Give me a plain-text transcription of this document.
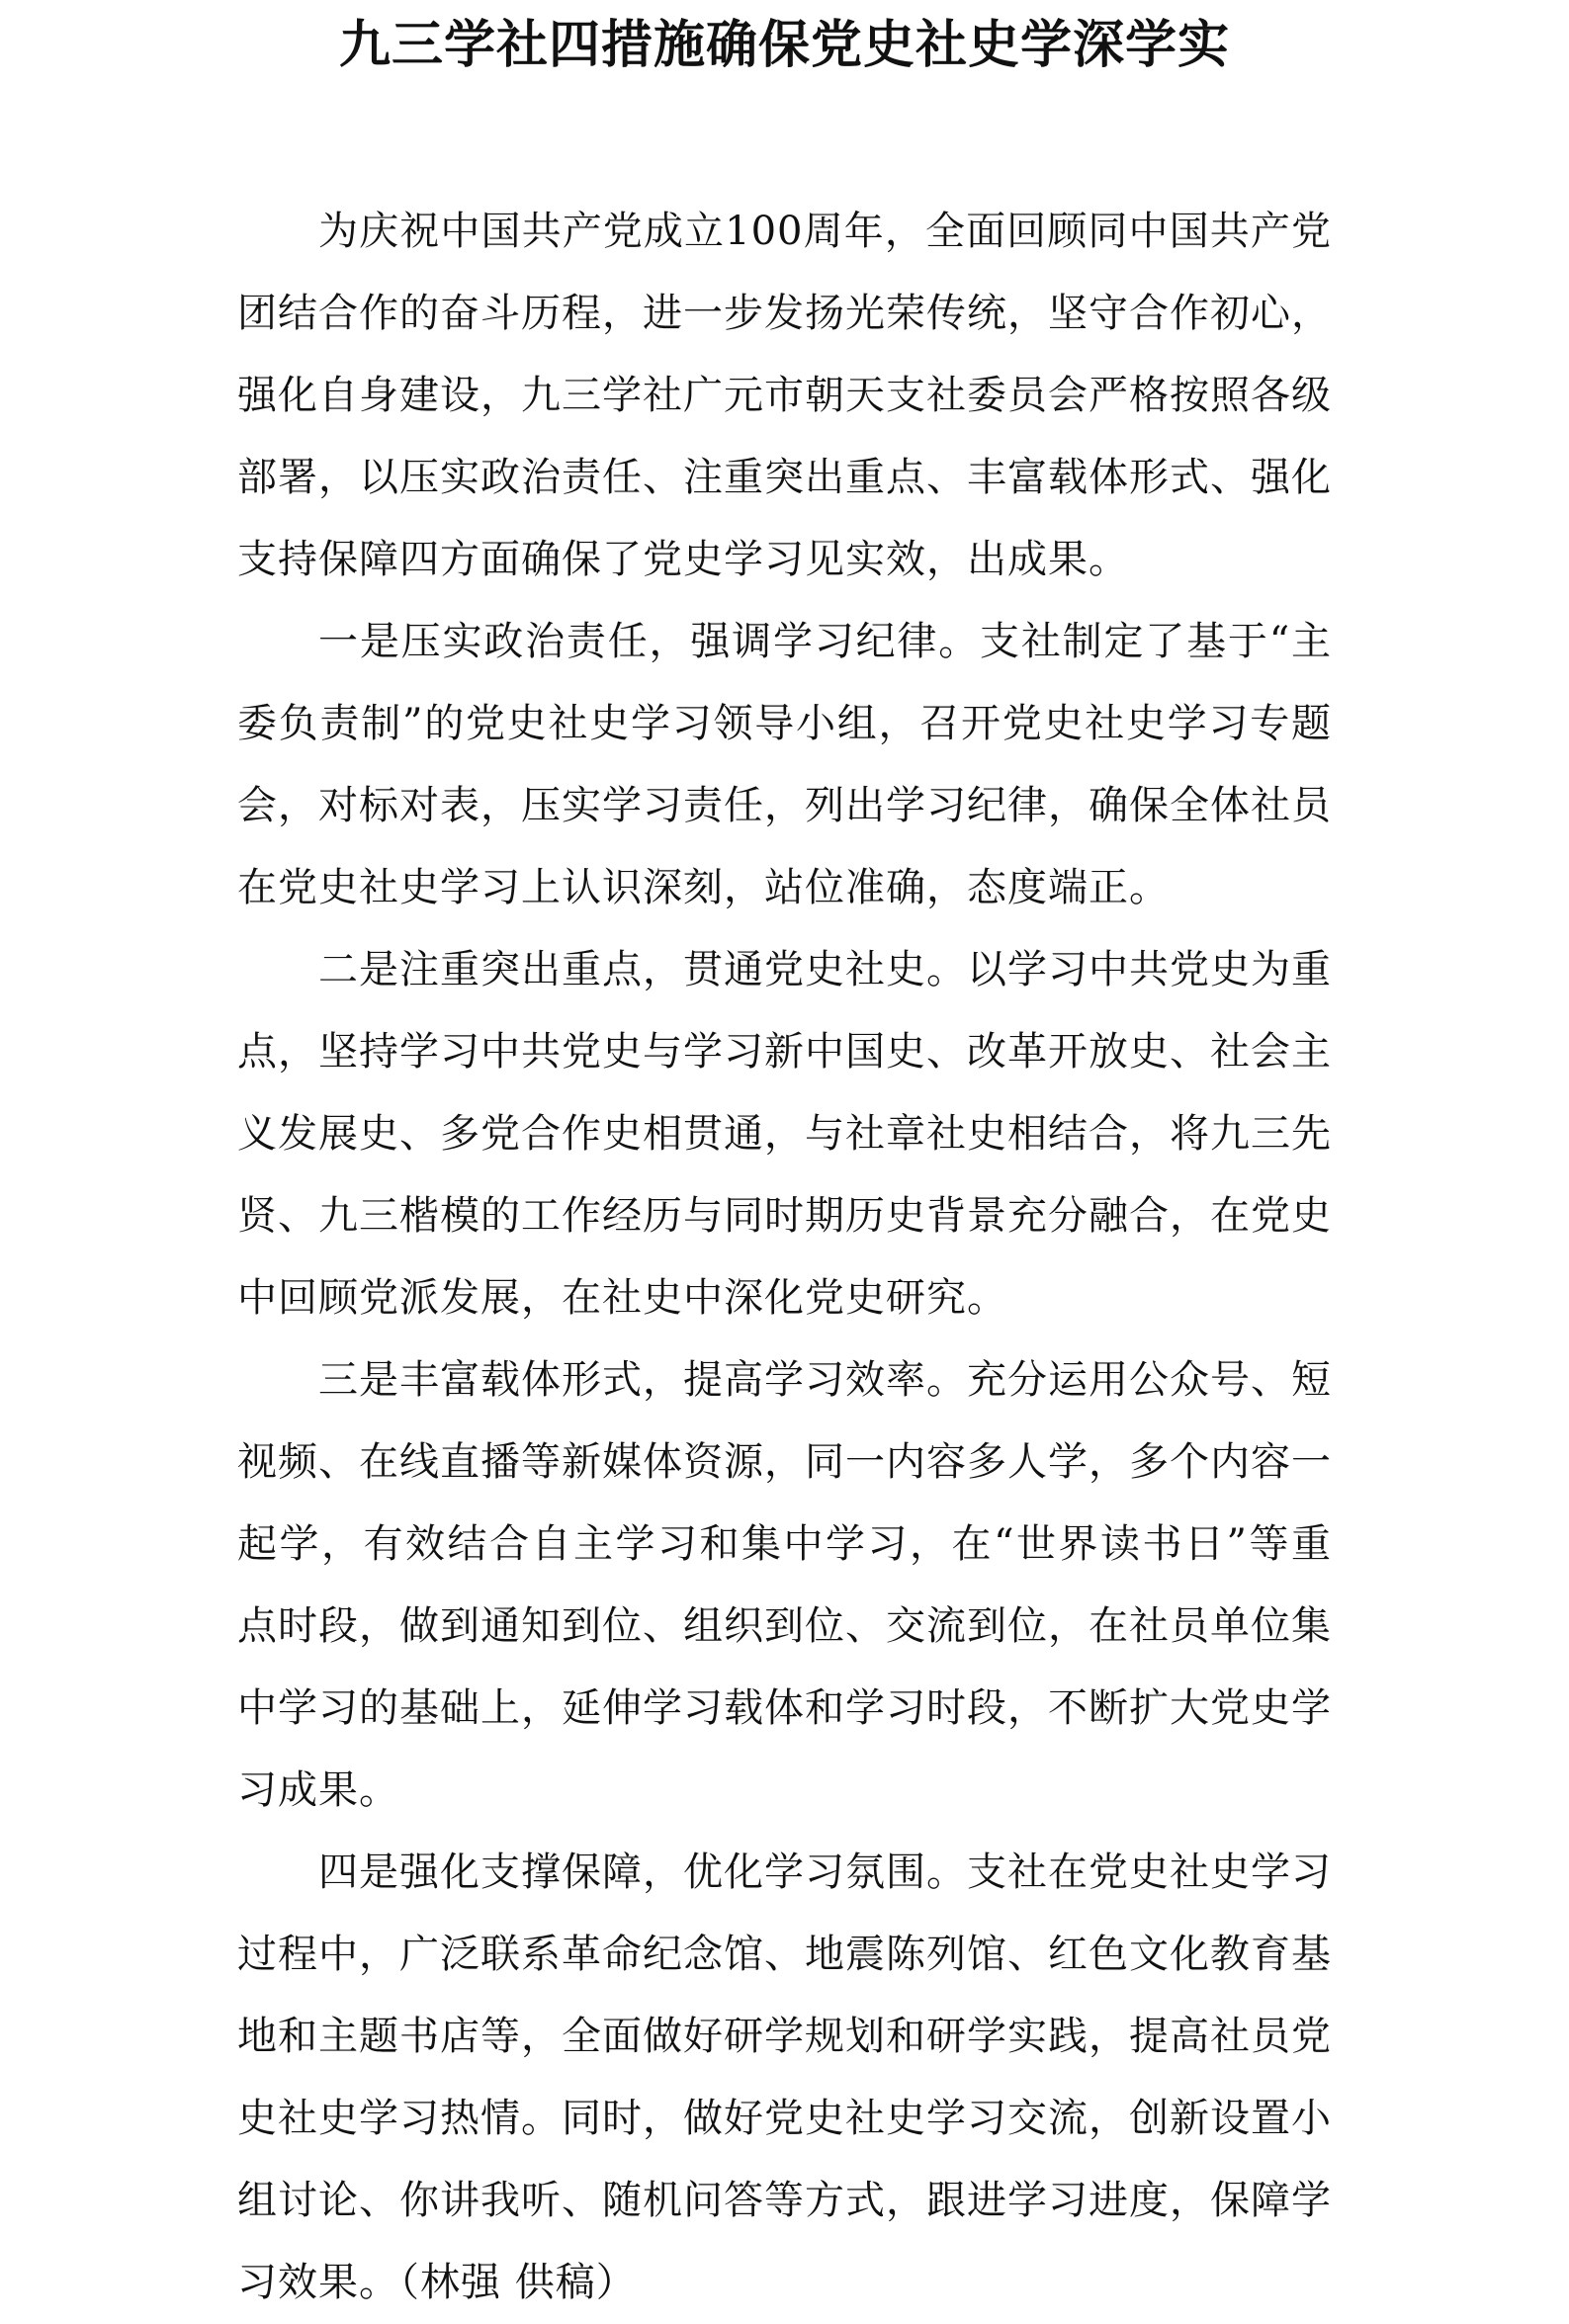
九三学社四措施确保党史社史学深学实

为庆祝中国共产党成立100周年，全面回顾同中国共产党团结合作的奋斗历程，进一步发扬光荣传统，坚守合作初心，强化自身建设，九三学社广元市朝天支社委员会严格按照各级部署，以压实政治责任、注重突出重点、丰富载体形式、强化支持保障四方面确保了党史学习见实效，出成果。

一是压实政治责任，强调学习纪律。支社制定了基于“主委负责制”的党史社史学习领导小组，召开党史社史学习专题会，对标对表，压实学习责任，列出学习纪律，确保全体社员在党史社史学习上认识深刻，站位准确，态度端正。

二是注重突出重点，贯通党史社史。以学习中共党史为重点，坚持学习中共党史与学习新中国史、改革开放史、社会主义发展史、多党合作史相贯通，与社章社史相结合，将九三先贤、九三楷模的工作经历与同时期历史背景充分融合，在党史中回顾党派发展，在社史中深化党史研究。

三是丰富载体形式，提高学习效率。充分运用公众号、短视频、在线直播等新媒体资源，同一内容多人学，多个内容一起学，有效结合自主学习和集中学习，在“世界读书日”等重点时段，做到通知到位、组织到位、交流到位，在社员单位集中学习的基础上，延伸学习载体和学习时段，不断扩大党史学习成果。

四是强化支撑保障，优化学习氛围。支社在党史社史学习过程中，广泛联系革命纪念馆、地震陈列馆、红色文化教育基地和主题书店等，全面做好研学规划和研学实践，提高社员党史社史学习热情。同时，做好党史社史学习交流，创新设置小组讨论、你讲我听、随机问答等方式，跟进学习进度，保障学习效果。（林强 供稿）
